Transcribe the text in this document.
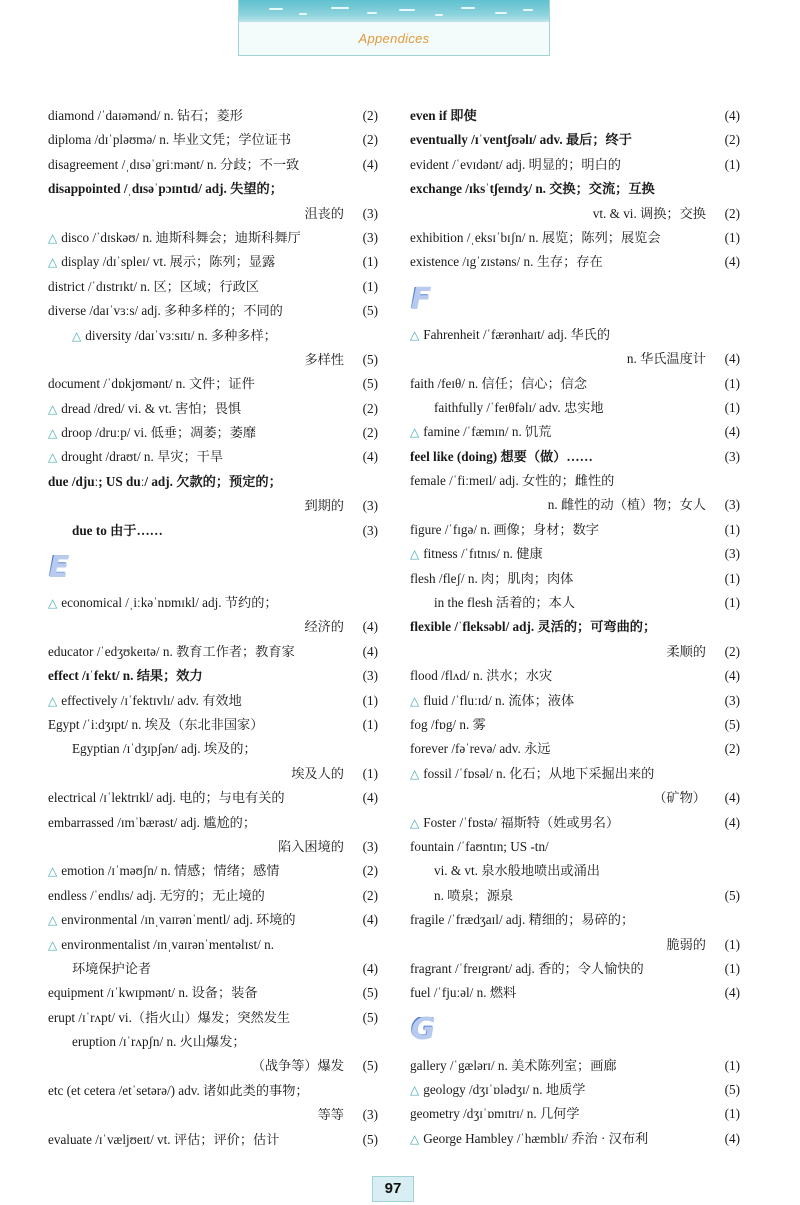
Appendices
diamond /ˈdaɪəmənd/ n. 钻石；菱形	(2)
diploma /dɪˈpləʊmə/ n. 毕业文凭；学位证书	(2)
disagreement /ˌdɪsəˈgriːmənt/ n. 分歧；不一致	(4)
disappointed /ˌdɪsəˈpɔɪntɪd/ adj. 失望的；
沮丧的 (3)
△ disco /ˈdɪskəʊ/ n. 迪斯科舞会；迪斯科舞厅	(3)
△ display /dɪˈspleɪ/ vt. 展示；陈列；显露	(1)
district /ˈdɪstrɪkt/ n. 区；区域；行政区	(1)
diverse /daɪˈvɜːs/ adj. 多种多样的；不同的	(5)
△ diversity /daɪˈvɜːsɪtɪ/ n. 多种多样；
多样性 (5)
document /ˈdɒkjʊmənt/ n. 文件；证件	(5)
△ dread /dred/ vi. & vt. 害怕；畏惧	(2)
△ droop /druːp/ vi. 低垂；凋萎；萎靡	(2)
△ drought /draʊt/ n. 旱灾；干旱	(4)
due /djuː; US duː/ adj. 欠款的；预定的；
到期的 (3)
due to 由于……	(3)
E
△ economical /ˌiːkəˈnɒmɪkl/ adj. 节约的；
经济的 (4)
educator /ˈedʒʊkeɪtə/ n. 教育工作者；教育家	(4)
effect /ɪˈfekt/ n. 结果；效力	(3)
△ effectively /ɪˈfektɪvlɪ/ adv. 有效地	(1)
Egypt /ˈiːdʒɪpt/ n. 埃及（东北非国家）	(1)
Egyptian /ɪˈdʒɪpʃən/ adj. 埃及的；
埃及人的 (1)
electrical /ɪˈlektrɪkl/ adj. 电的；与电有关的	(4)
embarrassed /ɪmˈbærəst/ adj. 尴尬的；
陷入困境的 (3)
△ emotion /ɪˈməʊʃn/ n. 情感；情绪；感情	(2)
endless /ˈendlɪs/ adj. 无穷的；无止境的	(2)
△ environmental /ɪnˌvaɪrənˈmentl/ adj. 环境的	(4)
△ environmentalist /ɪnˌvaɪrənˈmentəlɪst/ n.
环境保护论者	(4)
equipment /ɪˈkwɪpmənt/ n. 设备；装备	(5)
erupt /ɪˈrʌpt/ vi.（指火山）爆发；突然发生	(5)
eruption /ɪˈrʌpʃn/ n. 火山爆发；
（战争等）爆发 (5)
etc (et cetera /etˈsetərə/) adv. 诸如此类的事物；
等等 (3)
evaluate /ɪˈvæljʊeɪt/ vt. 评估；评价；估计	(5)
even if 即使	(4)
eventually /ɪˈventʃʊəlɪ/ adv. 最后；终于	(2)
evident /ˈevɪdənt/ adj. 明显的；明白的	(1)
exchange /ɪksˈtʃeɪndʒ/ n. 交换；交流；互换
vt. & vi. 调换；交换 (2)
exhibition /ˌeksɪˈbɪʃn/ n. 展览；陈列；展览会	(1)
existence /ɪgˈzɪstəns/ n. 生存；存在	(4)
F
△ Fahrenheit /ˈfærənhaɪt/ adj. 华氏的
n. 华氏温度计 (4)
faith /feɪθ/ n. 信任；信心；信念	(1)
faithfully /ˈfeɪθfəlɪ/ adv. 忠实地	(1)
△ famine /ˈfæmɪn/ n. 饥荒	(4)
feel like (doing) 想要（做）……	(3)
female /ˈfiːmeɪl/ adj. 女性的；雌性的
n. 雌性的动（植）物；女人 (3)
figure /ˈfɪgə/ n. 画像；身材；数字	(1)
△ fitness /ˈfɪtnɪs/ n. 健康	(3)
flesh /fleʃ/ n. 肉；肌肉；肉体	(1)
in the flesh 活着的；本人	(1)
flexible /ˈfleksəbl/ adj. 灵活的；可弯曲的；
柔顺的 (2)
flood /flʌd/ n. 洪水；水灾	(4)
△ fluid /ˈfluːɪd/ n. 流体；液体	(3)
fog /fɒg/ n. 雾	(5)
forever /fəˈrevə/ adv. 永远	(2)
△ fossil /ˈfɒsəl/ n. 化石；从地下采掘出来的
（矿物） (4)
△ Foster /ˈfɒstə/ 福斯特（姓或男名）	(4)
fountain /ˈfaʊntɪn; US -tn/
vi. & vt. 泉水般地喷出或涌出
n. 喷泉；源泉	(5)
fragile /ˈfrædʒaɪl/ adj. 精细的；易碎的；
脆弱的 (1)
fragrant /ˈfreɪgrənt/ adj. 香的；令人愉快的	(1)
fuel /ˈfjuːəl/ n. 燃料	(4)
G
gallery /ˈgælərɪ/ n. 美术陈列室；画廊	(1)
△ geology /dʒɪˈɒlədʒɪ/ n. 地质学	(5)
geometry /dʒɪˈɒmɪtrɪ/ n. 几何学	(1)
△ George Hambley /ˈhæmblɪ/ 乔治 · 汉布利	(4)
97
